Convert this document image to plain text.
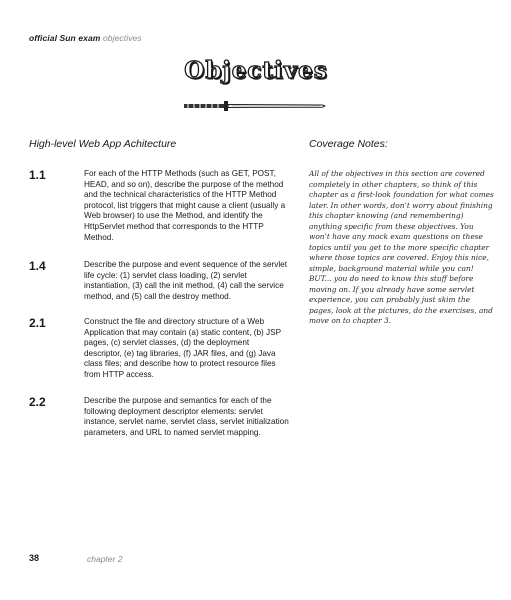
official Sun exam objectives
Objectives
High-level Web App Achitecture	Coverage Notes:
1.1	For each of the HTTP Methods (such as GET, POST, HEAD, and so on), describe the purpose of the method and the technical characteristics of the HTTP Method protocol, list triggers that might cause a client (usually a Web browser) to use the Method, and identify the HttpServlet method that corresponds to the HTTP Method.
1.4	Describe the purpose and event sequence of the servlet life cycle: (1) servlet class loading, (2) servlet instantiation, (3) call the init method, (4) call the service method, and (5) call the destroy method.
2.1	Construct the file and directory structure of a Web Application that may contain (a) static content, (b) JSP pages, (c) servlet classes, (d) the deployment descriptor, (e) tag libraries, (f) JAR files, and (g) Java class files; and describe how to protect resource files from HTTP access.
2.2	Describe the purpose and semantics for each of the following deployment descriptor elements: servlet instance, servlet name, servlet class, servlet initialization parameters, and URL to named servlet mapping.
All of the objectives in this section are covered completely in other chapters, so think of this chapter as a first-look foundation for what comes later. In other words, don’t worry about finishing this chapter knowing (and remembering) anything specific from these objectives. You won’t have any mock exam questions on these topics until you get to the more specific chapter where those topics are covered. Enjoy this nice, simple, background material while you can! BUT... you do need to know this stuff before moving on. If you already have some servlet experience, you can probably just skim the pages, look at the pictures, do the exercises, and move on to chapter 3.
38	chapter 2
